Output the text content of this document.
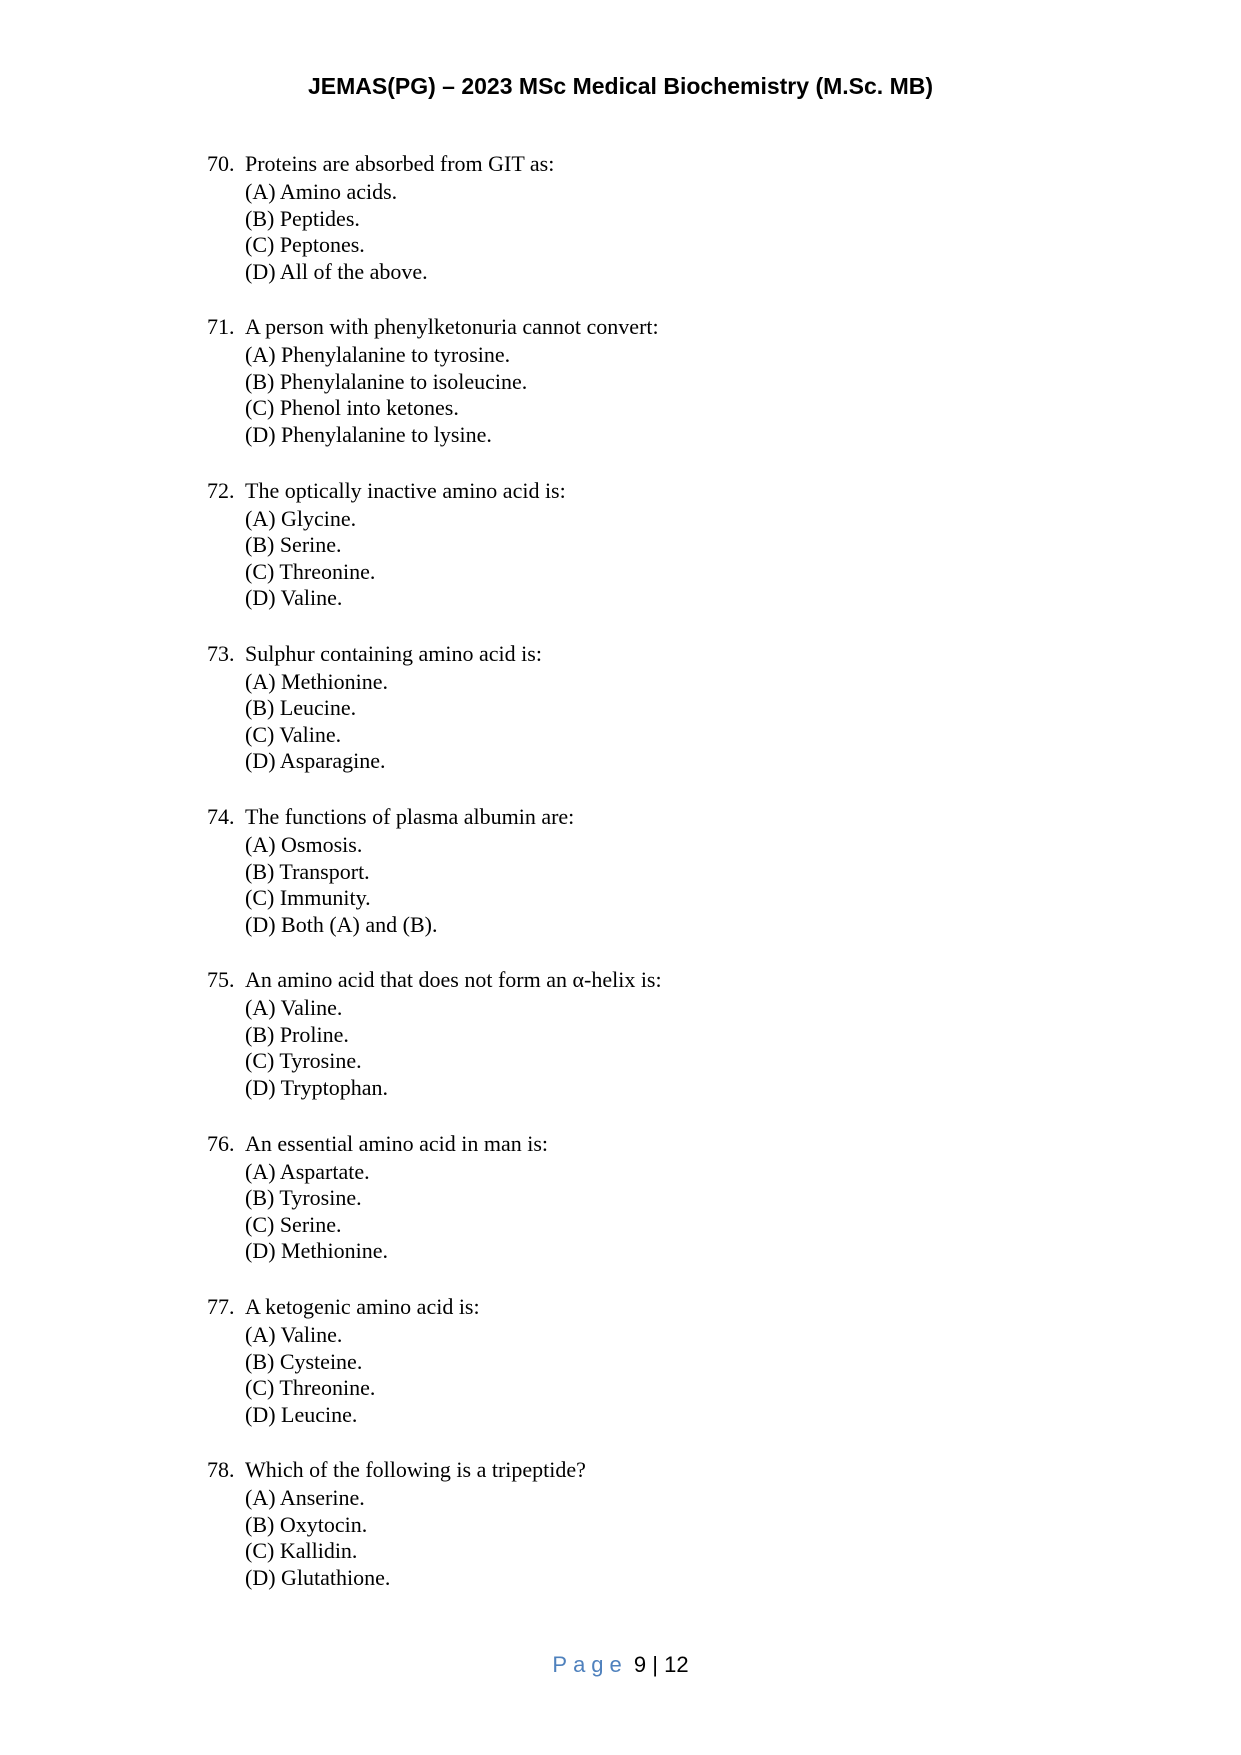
JEMAS(PG) – 2023 MSc Medical Biochemistry (M.Sc. MB)
70. Proteins are absorbed from GIT as:
(A) Amino acids.
(B) Peptides.
(C) Peptones.
(D) All of the above.
71. A person with phenylketonuria cannot convert:
(A) Phenylalanine to tyrosine.
(B) Phenylalanine to isoleucine.
(C) Phenol into ketones.
(D) Phenylalanine to lysine.
72. The optically inactive amino acid is:
(A) Glycine.
(B) Serine.
(C) Threonine.
(D) Valine.
73. Sulphur containing amino acid is:
(A) Methionine.
(B) Leucine.
(C) Valine.
(D) Asparagine.
74. The functions of plasma albumin are:
(A) Osmosis.
(B) Transport.
(C) Immunity.
(D) Both (A) and (B).
75. An amino acid that does not form an α-helix is:
(A) Valine.
(B) Proline.
(C) Tyrosine.
(D) Tryptophan.
76. An essential amino acid in man is:
(A) Aspartate.
(B) Tyrosine.
(C) Serine.
(D) Methionine.
77. A ketogenic amino acid is:
(A) Valine.
(B) Cysteine.
(C) Threonine.
(D) Leucine.
78. Which of the following is a tripeptide?
(A) Anserine.
(B) Oxytocin.
(C) Kallidin.
(D) Glutathione.
Page 9 | 12
